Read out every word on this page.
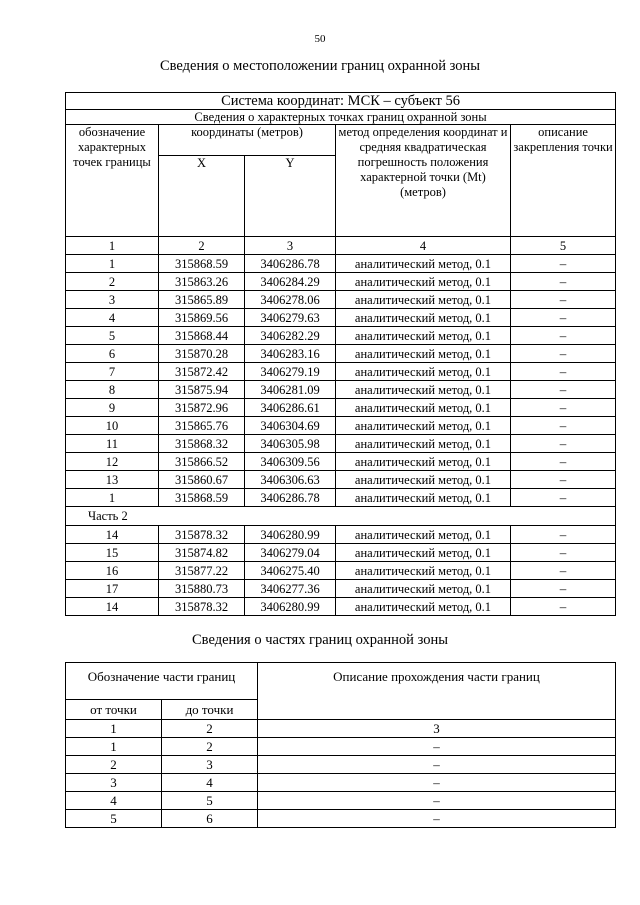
50
Сведения о местоположении границ охранной зоны
Система координат: МСК – субъект 56				
Сведения о характерных точках границ охранной зоны				
обозначение характерных точек границы	координаты (метров)		метод определения координат и средняя квадратическая погрешность положения характерной точки (Mt) (метров)	описание закрепления точки
	X	Y		
1	2	3	4	5
1	315868.59	3406286.78	аналитический метод, 0.1	–
2	315863.26	3406284.29	аналитический метод, 0.1	–
3	315865.89	3406278.06	аналитический метод, 0.1	–
4	315869.56	3406279.63	аналитический метод, 0.1	–
5	315868.44	3406282.29	аналитический метод, 0.1	–
6	315870.28	3406283.16	аналитический метод, 0.1	–
7	315872.42	3406279.19	аналитический метод, 0.1	–
8	315875.94	3406281.09	аналитический метод, 0.1	–
9	315872.96	3406286.61	аналитический метод, 0.1	–
10	315865.76	3406304.69	аналитический метод, 0.1	–
11	315868.32	3406305.98	аналитический метод, 0.1	–
12	315866.52	3406309.56	аналитический метод, 0.1	–
13	315860.67	3406306.63	аналитический метод, 0.1	–
1	315868.59	3406286.78	аналитический метод, 0.1	–
Часть 2				
14	315878.32	3406280.99	аналитический метод, 0.1	–
15	315874.82	3406279.04	аналитический метод, 0.1	–
16	315877.22	3406275.40	аналитический метод, 0.1	–
17	315880.73	3406277.36	аналитический метод, 0.1	–
14	315878.32	3406280.99	аналитический метод, 0.1	–
Сведения о частях границ охранной зоны
Обозначение части границ		Описание прохождения части границ
от точки	до точки	
1	2	3
1	2	–
2	3	–
3	4	–
4	5	–
5	6	–
